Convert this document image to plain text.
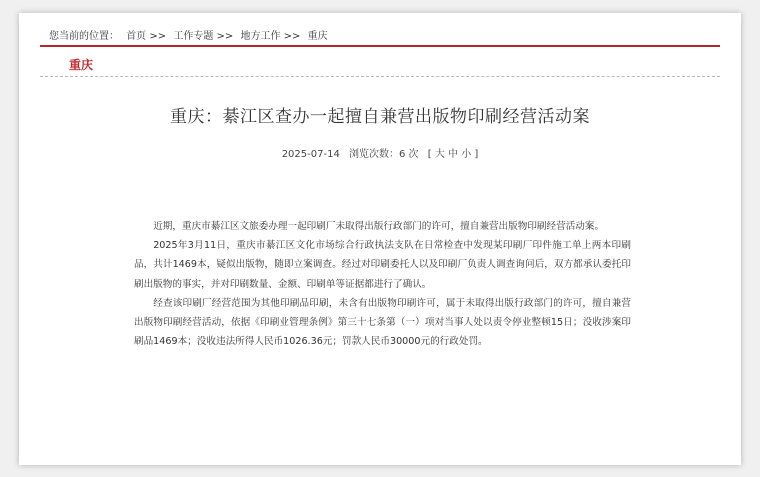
您当前的位置： 首页 >> 工作专题 >> 地方工作 >> 重庆
重庆
重庆：綦江区查办一起擅自兼营出版物印刷经营活动案
2025-07-14 浏览次数：6 次 [ 大 中 小 ]

近期，重庆市綦江区文旅委办理一起印刷厂未取得出版行政部门的许可，擅自兼营出版物印刷经营活动案。

2025年3月11日，重庆市綦江区文化市场综合行政执法支队在日常检查中发现某印刷厂印件施工单上两本印刷品，共计1469本，疑似出版物，随即立案调查。经过对印刷委托人以及印刷厂负责人调查询问后，双方都承认委托印刷出版物的事实，并对印刷数量、金额、印刷单等证据都进行了确认。

经查该印刷厂经营范围为其他印刷品印刷，未含有出版物印刷许可，属于未取得出版行政部门的许可，擅自兼营出版物印刷经营活动，依据《印刷业管理条例》第三十七条第（一）项对当事人处以责令停业整顿15日；没收涉案印刷品1469本；没收违法所得人民币1026.36元；罚款人民币30000元的行政处罚。
